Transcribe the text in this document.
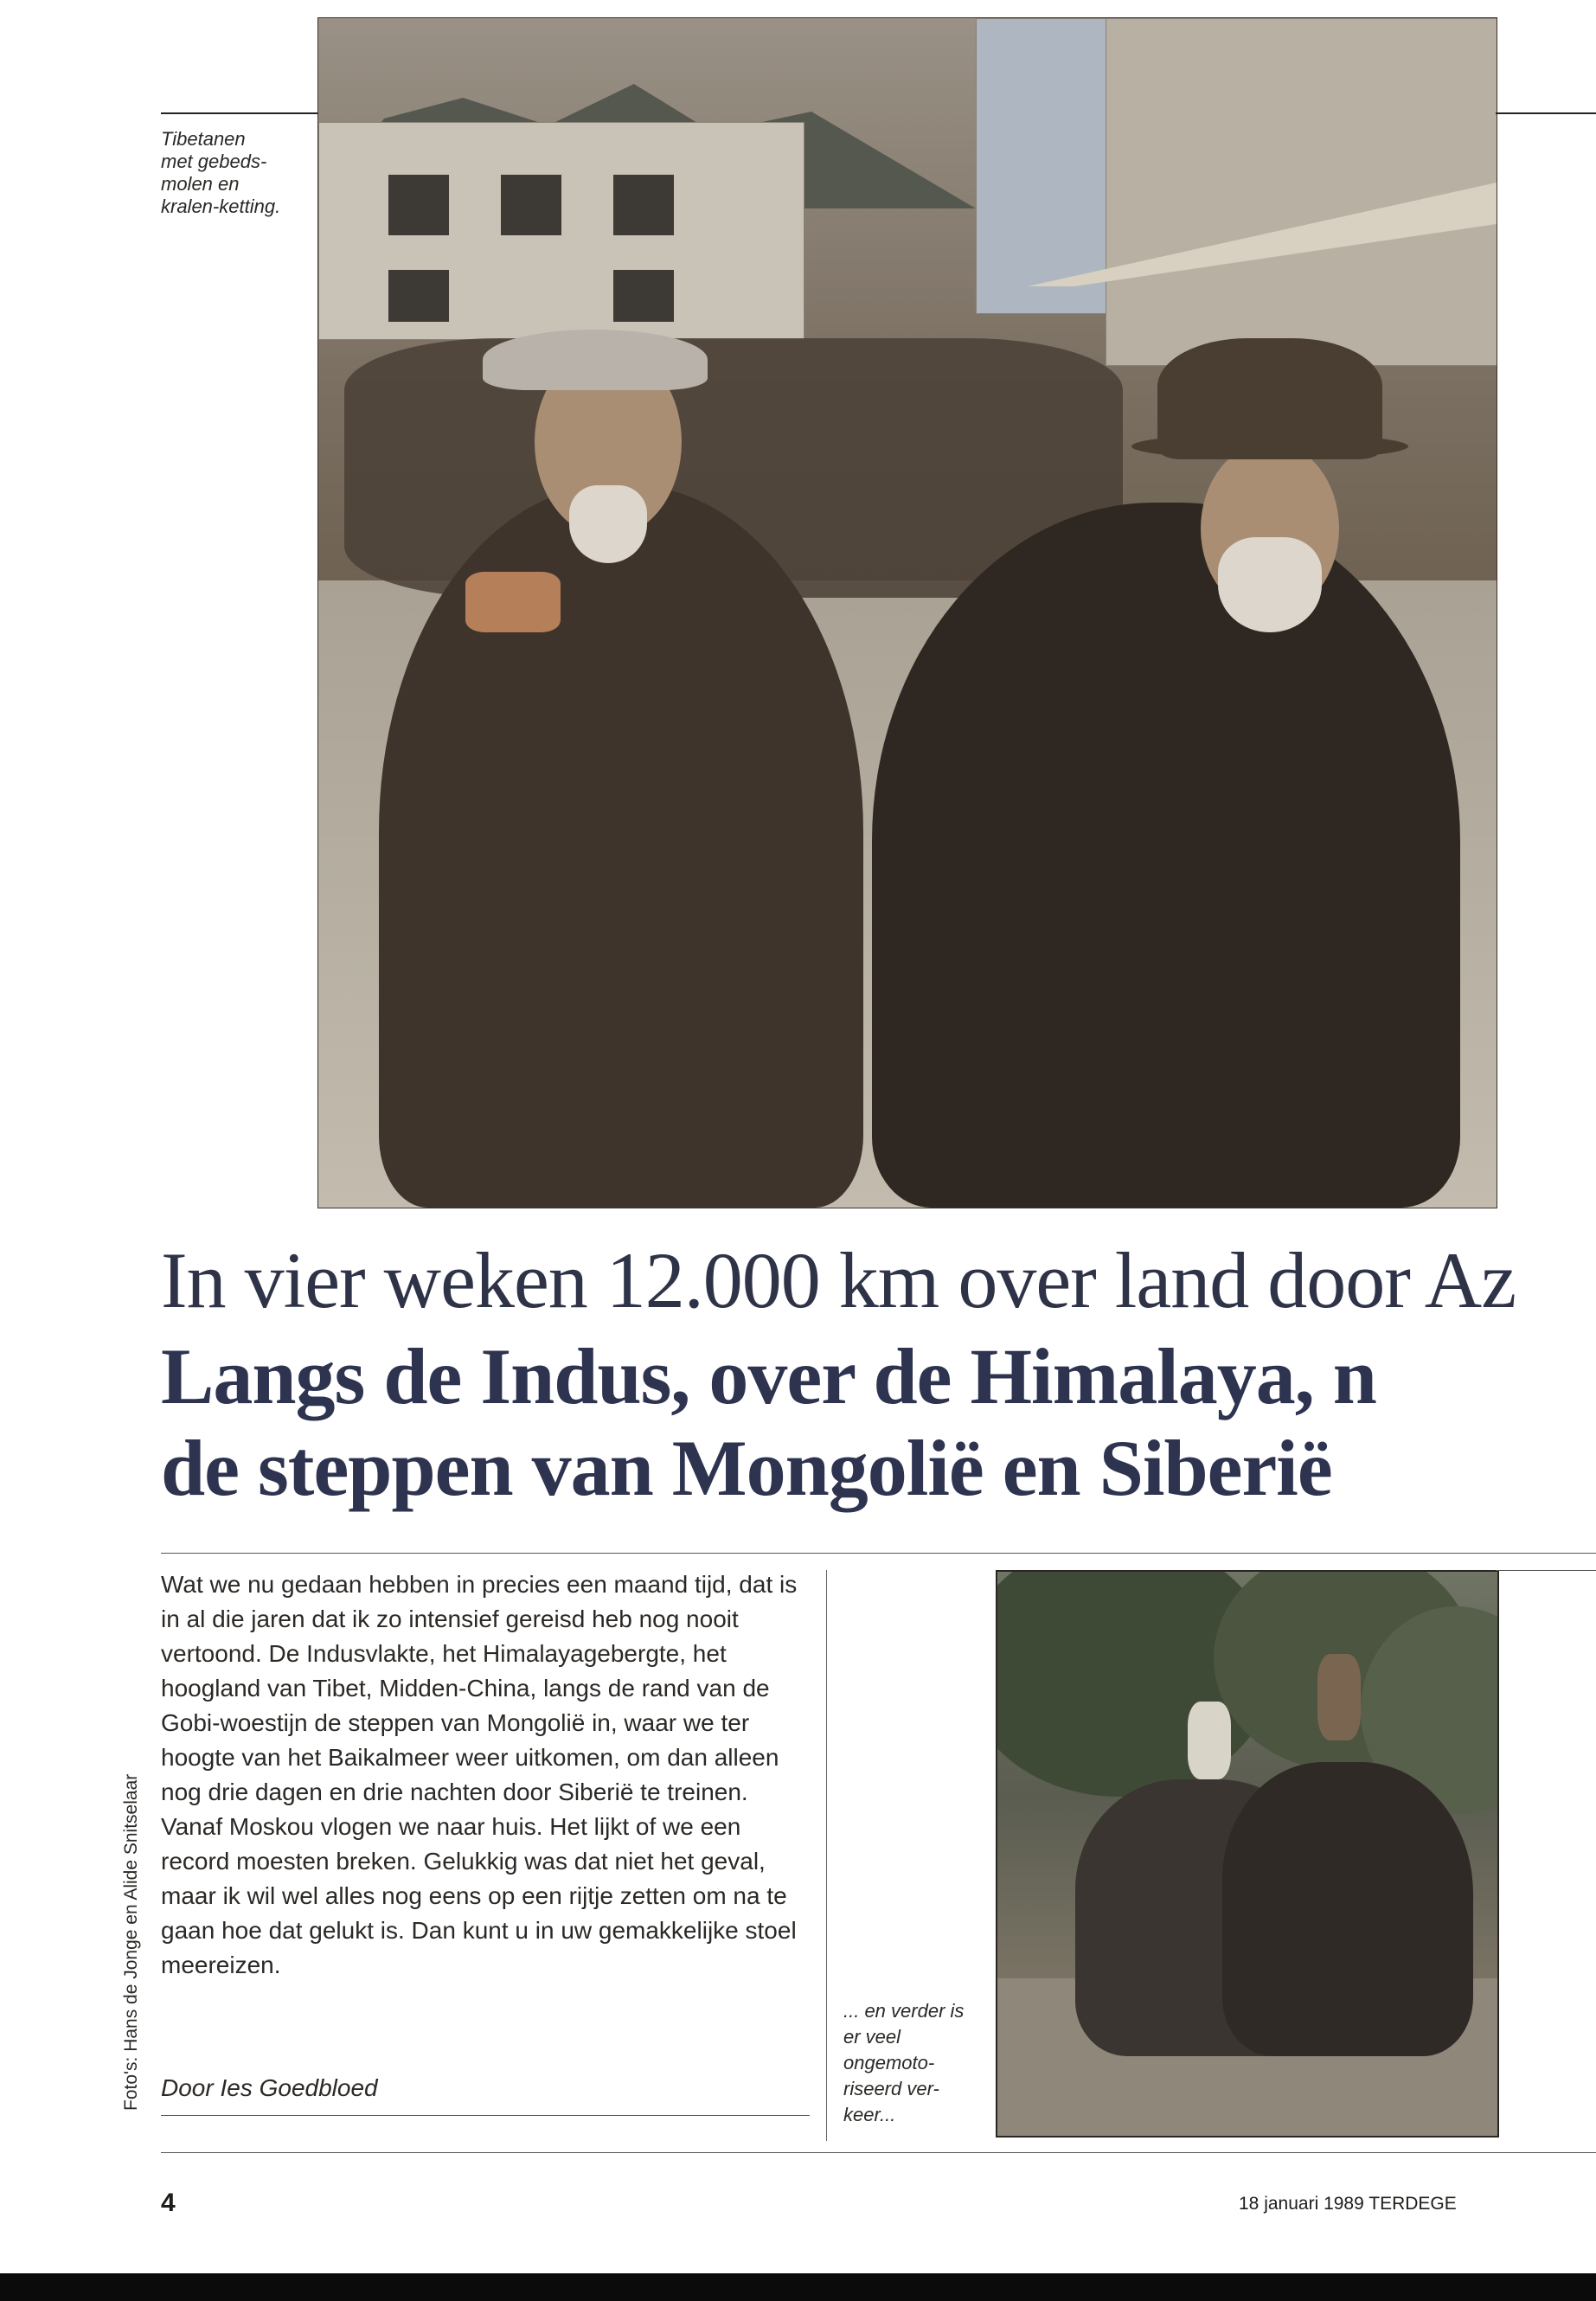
Tibetanen met gebeds-molen en kralen-ketting.
In vier weken 12.000 km over land door Az
Langs de Indus, over de Himalaya, n
de steppen van Mongolië en Siberië
Wat we nu gedaan hebben in precies een maand tijd, dat is in al die jaren dat ik zo intensief gereisd heb nog nooit vertoond. De Indusvlakte, het Himalayagebergte, het hoogland van Tibet, Midden-China, langs de rand van de Gobi-woestijn de steppen van Mongolië in, waar we ter hoogte van het Baikalmeer weer uitkomen, om dan alleen nog drie dagen en drie nachten door Siberië te treinen. Vanaf Moskou vlogen we naar huis. Het lijkt of we een record moesten breken. Gelukkig was dat niet het geval, maar ik wil wel alles nog eens op een rijtje zetten om na te gaan hoe dat gelukt is. Dan kunt u in uw gemakkelijke stoel meereizen.
Door Ies Goedbloed
Foto's: Hans de Jonge en Alide Snitselaar	... en verder is er veel ongemoto-riseerd ver-keer...
4	18 januari 1989 TERDEGE
